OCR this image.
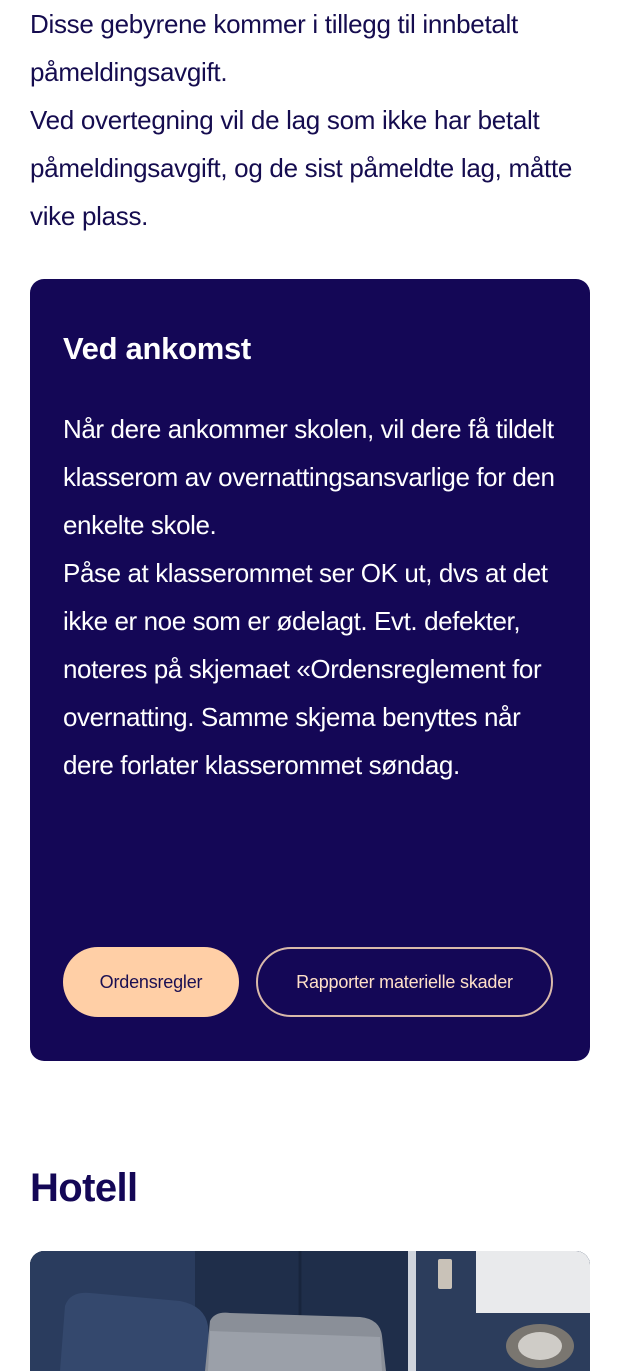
Disse gebyrene kommer i tillegg til innbetalt påmeldingsavgift.

Ved overtegning vil de lag som ikke har betalt påmeldingsavgift, og de sist påmeldte lag, måtte vike plass.

Ved ankomst

Når dere ankommer skolen, vil dere få tildelt klasserom av overnattingsansvarlige for den enkelte skole.

Påse at klasserommet ser OK ut, dvs at det ikke er noe som er ødelagt. Evt. defekter, noteres på skjemaet «Ordensreglement for overnatting. Samme skjema benyttes når dere forlater klasserommet søndag.

Ordensregler	Rapporter materielle skader
Hotell
